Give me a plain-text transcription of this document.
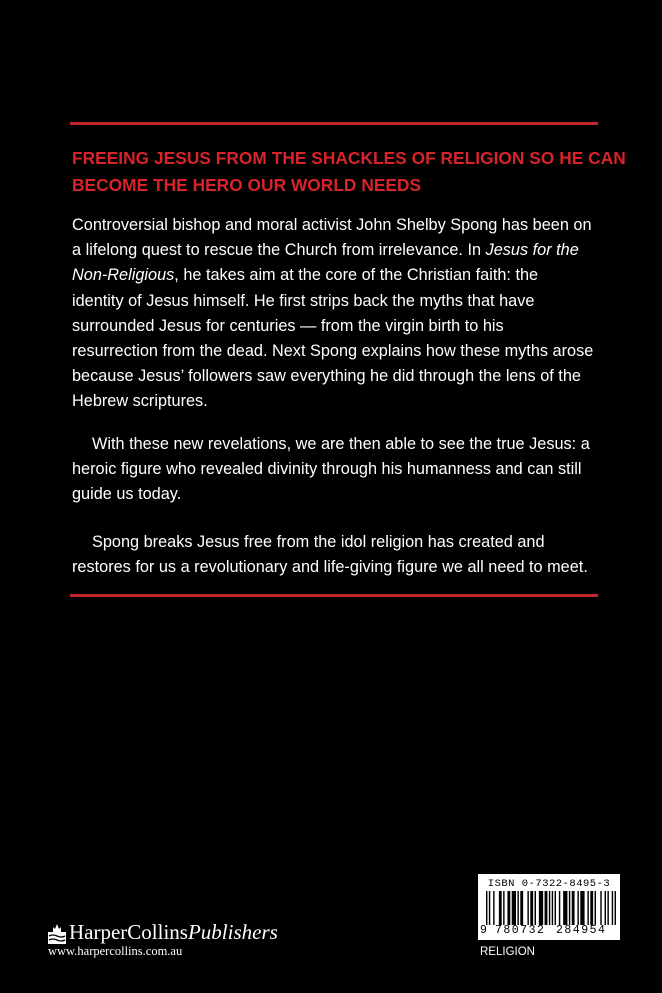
FREEING JESUS FROM THE SHACKLES OF RELIGION SO HE CAN
BECOME THE HERO OUR WORLD NEEDS
Controversial bishop and moral activist John Shelby Spong has been on
a lifelong quest to rescue the Church from irrelevance. In Jesus for the
Non-Religious, he takes aim at the core of the Christian faith: the
identity of Jesus himself. He first strips back the myths that have
surrounded Jesus for centuries — from the virgin birth to his
resurrection from the dead. Next Spong explains how these myths arose
because Jesus’ followers saw everything he did through the lens of the
Hebrew scriptures.
With these new revelations, we are then able to see the true Jesus: a
heroic figure who revealed divinity through his humanness and can still
guide us today.
Spong breaks Jesus free from the idol religion has created and
restores for us a revolutionary and life-giving figure we all need to meet.
HarperCollinsPublishers
www.harpercollins.com.au
ISBN 0-7322-8495-3
9 780732 284954
RELIGION
